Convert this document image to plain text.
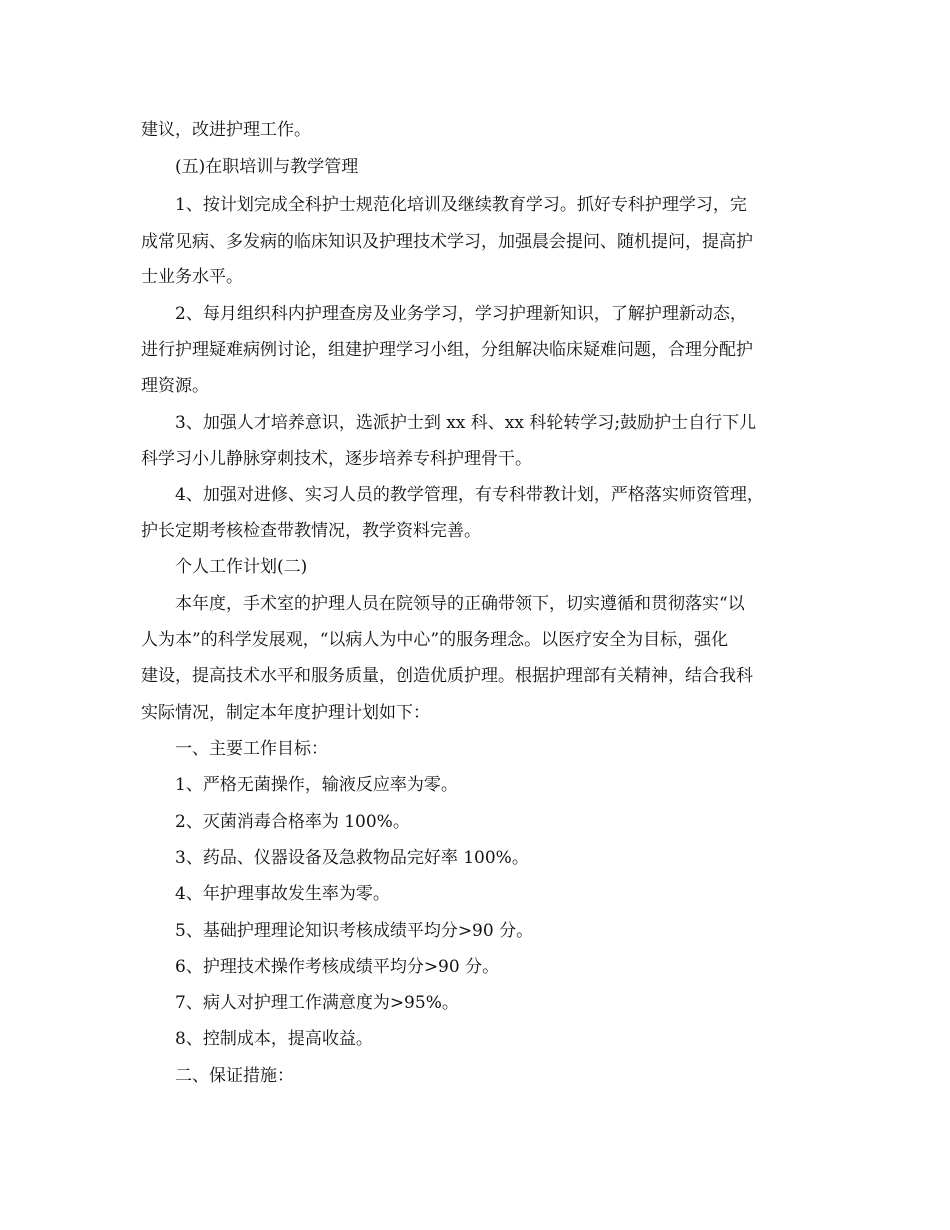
建议，改进护理工作。
(五)在职培训与教学管理
1、按计划完成全科护士规范化培训及继续教育学习。抓好专科护理学习，完
成常见病、多发病的临床知识及护理技术学习，加强晨会提问、随机提问，提高护
士业务水平。
2、每月组织科内护理查房及业务学习，学习护理新知识，了解护理新动态，
进行护理疑难病例讨论，组建护理学习小组，分组解决临床疑难问题，合理分配护
理资源。
3、加强人才培养意识，选派护士到 xx 科、xx 科轮转学习;鼓励护士自行下儿
科学习小儿静脉穿刺技术，逐步培养专科护理骨干。
4、加强对进修、实习人员的教学管理，有专科带教计划，严格落实师资管理，
护长定期考核检查带教情况，教学资料完善。
个人工作计划(二)
本年度，手术室的护理人员在院领导的正确带领下，切实遵循和贯彻落实“以
人为本”的科学发展观，“以病人为中心”的服务理念。以医疗安全为目标，强化
建设，提高技术水平和服务质量，创造优质护理。根据护理部有关精神，结合我科
实际情况，制定本年度护理计划如下：
一、主要工作目标：
1、严格无菌操作，输液反应率为零。
2、灭菌消毒合格率为 100%。
3、药品、仪器设备及急救物品完好率 100%。
4、年护理事故发生率为零。
5、基础护理理论知识考核成绩平均分>90 分。
6、护理技术操作考核成绩平均分>90 分。
7、病人对护理工作满意度为>95%。
8、控制成本，提高收益。
二、保证措施：
